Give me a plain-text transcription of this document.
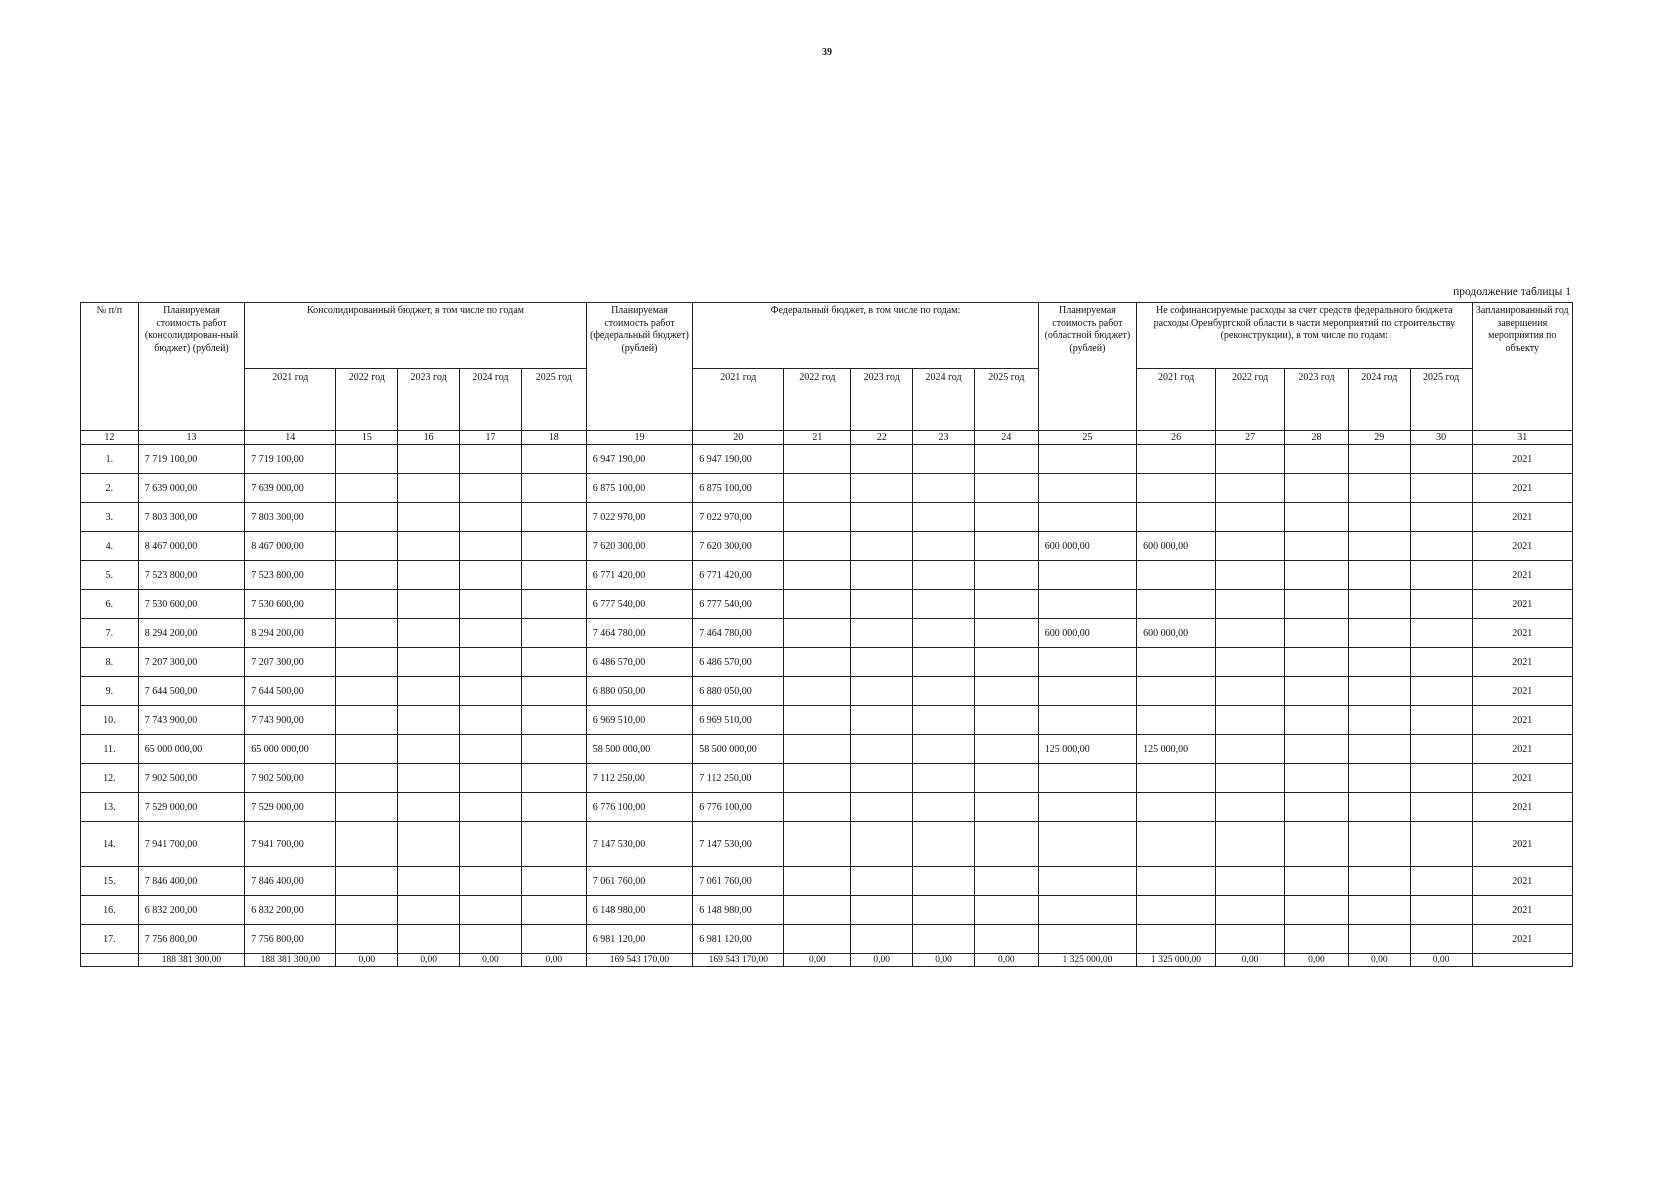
39
продолжение таблицы 1
№ п/п	Планируемая стоимость работ (консолидирован-ный бюджет) (рублей)	Консолидированный бюджет, в том числе по годам					Планируемая стоимость работ (федеральный бюджет) (рублей)	Федеральный бюджет, в том числе по годам:					Планируемая стоимость работ (областной бюджет) (рублей)	Не софинансируемые расходы за счет средств федерального бюджета расходы Оренбургской области в части мероприятий по строительству (реконструкции), в том числе по годам:					Запланированный год завершения мероприятия по объекту
		2021 год	2022 год	2023 год	2024 год	2025 год		2021 год	2022 год	2023 год	2024 год	2025 год		2021 год	2022 год	2023 год	2024 год	2025 год	
12	13	14	15	16	17	18	19	20	21	22	23	24	25	26	27	28	29	30	31
1.	7 719 100,00	7 719 100,00					6 947 190,00	6 947 190,00											2021
2.	7 639 000,00	7 639 000,00					6 875 100,00	6 875 100,00											2021
3.	7 803 300,00	7 803 300,00					7 022 970,00	7 022 970,00											2021
4.	8 467 000,00	8 467 000,00					7 620 300,00	7 620 300,00					600 000,00	600 000,00					2021
5.	7 523 800,00	7 523 800,00					6 771 420,00	6 771 420,00											2021
6.	7 530 600,00	7 530 600,00					6 777 540,00	6 777 540,00											2021
7.	8 294 200,00	8 294 200,00					7 464 780,00	7 464 780,00					600 000,00	600 000,00					2021
8.	7 207 300,00	7 207 300,00					6 486 570,00	6 486 570,00											2021
9.	7 644 500,00	7 644 500,00					6 880 050,00	6 880 050,00											2021
10.	7 743 900,00	7 743 900,00					6 969 510,00	6 969 510,00											2021
11.	65 000 000,00	65 000 000,00					58 500 000,00	58 500 000,00					125 000,00	125 000,00					2021
12.	7 902 500,00	7 902 500,00					7 112 250,00	7 112 250,00											2021
13.	7 529 000,00	7 529 000,00					6 776 100,00	6 776 100,00											2021
14.	7 941 700,00	7 941 700,00					7 147 530,00	7 147 530,00											2021
15.	7 846 400,00	7 846 400,00					7 061 760,00	7 061 760,00											2021
16.	6 832 200,00	6 832 200,00					6 148 980,00	6 148 980,00											2021
17.	7 756 800,00	7 756 800,00					6 981 120,00	6 981 120,00											2021
	188 381 300,00	188 381 300,00	0,00	0,00	0,00	0,00	169 543 170,00	169 543 170,00	0,00	0,00	0,00	0,00	1 325 000,00	1 325 000,00	0,00	0,00	0,00	0,00	
